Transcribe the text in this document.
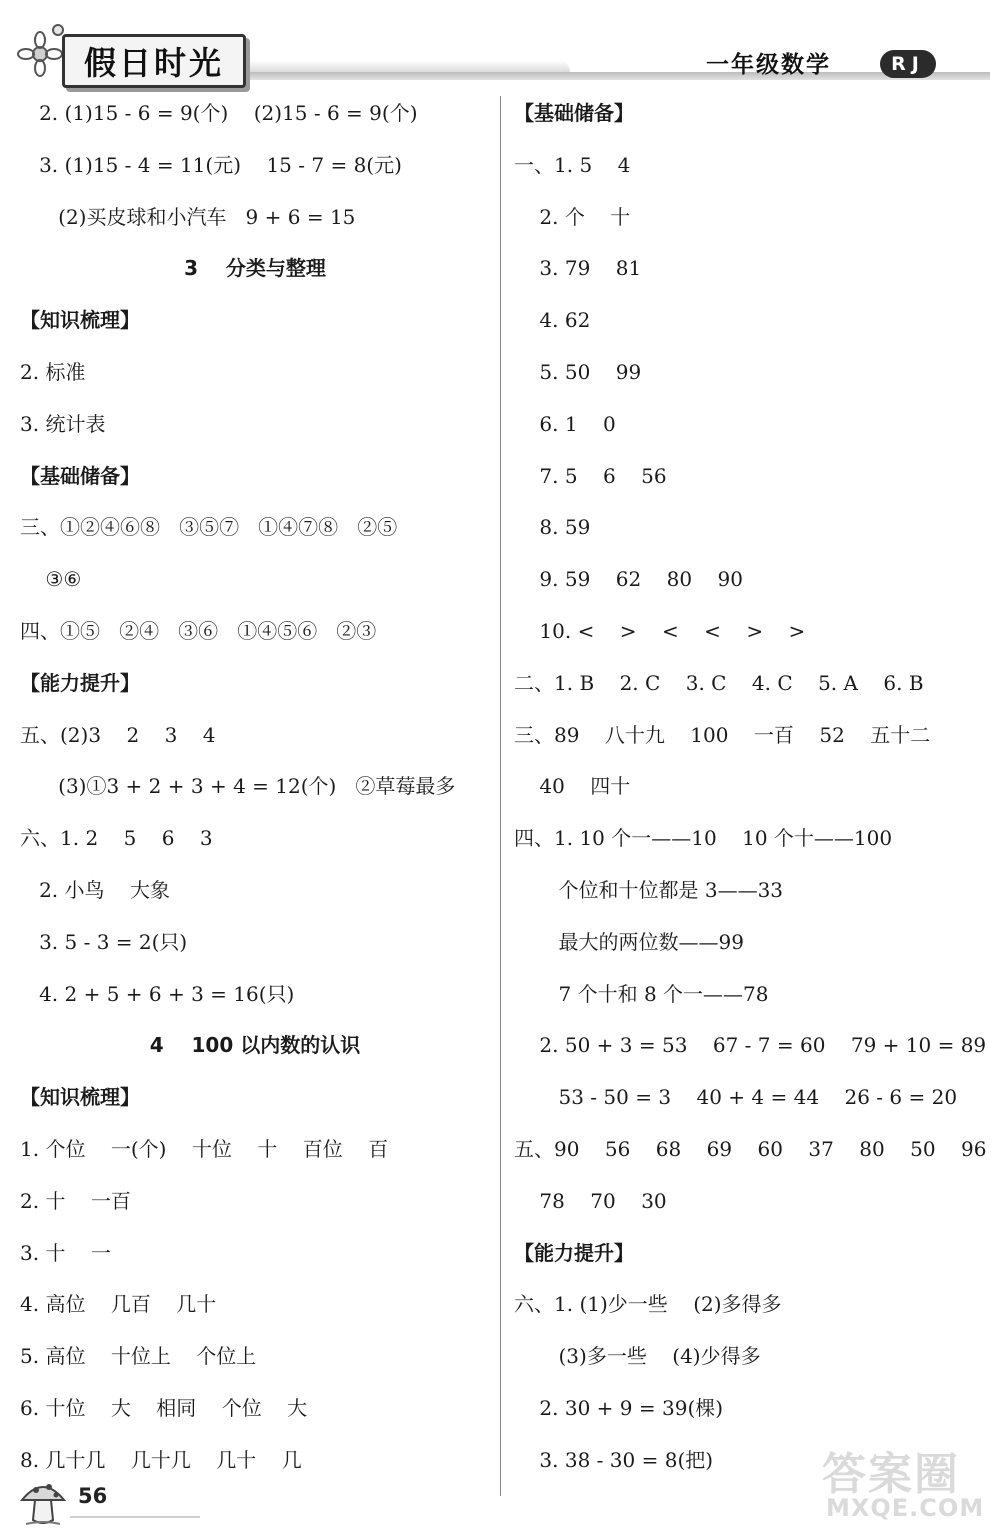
假日时光	一年级数学	RJ
2. (1)15 - 6 = 9(个)    (2)15 - 6 = 9(个)
3. (1)15 - 4 = 11(元)    15 - 7 = 8(元)
(2)买皮球和小汽车   9 + 6 = 15
3    分类与整理
【知识梳理】
2. 标准
3. 统计表
【基础储备】
三、①②④⑥⑧   ③⑤⑦   ①④⑦⑧   ②⑤
③⑥
四、①⑤   ②④   ③⑥   ①④⑤⑥   ②③
【能力提升】
五、(2)3    2    3    4
(3)①3 + 2 + 3 + 4 = 12(个)   ②草莓最多
六、1. 2    5    6    3
2. 小鸟    大象
3. 5 - 3 = 2(只)
4. 2 + 5 + 6 + 3 = 16(只)
4    100 以内数的认识
【知识梳理】
1. 个位    一(个)    十位    十    百位    百
2. 十    一百
3. 十    一
4. 高位    几百    几十
5. 高位    十位上    个位上
6. 十位    大    相同    个位    大
8. 几十几    几十几    几十    几
【基础储备】
一、1. 5    4
2. 个    十
3. 79    81
4. 62
5. 50    99
6. 1    0
7. 5    6    56
8. 59
9. 59    62    80    90
10. <    >    <    <    >    >
二、1. B    2. C    3. C    4. C    5. A    6. B
三、89    八十九    100    一百    52    五十二
40    四十
四、1. 10 个一——10    10 个十——100
个位和十位都是 3——33
最大的两位数——99
7 个十和 8 个一——78
2. 50 + 3 = 53    67 - 7 = 60    79 + 10 = 89
53 - 50 = 3    40 + 4 = 44    26 - 6 = 20
五、90    56    68    69    60    37    80    50    96
78    70    30
【能力提升】
六、1. (1)少一些    (2)多得多
(3)多一些    (4)少得多
2. 30 + 9 = 39(棵)
3. 38 - 30 = 8(把)
56	答案圈
MXQE.COM
